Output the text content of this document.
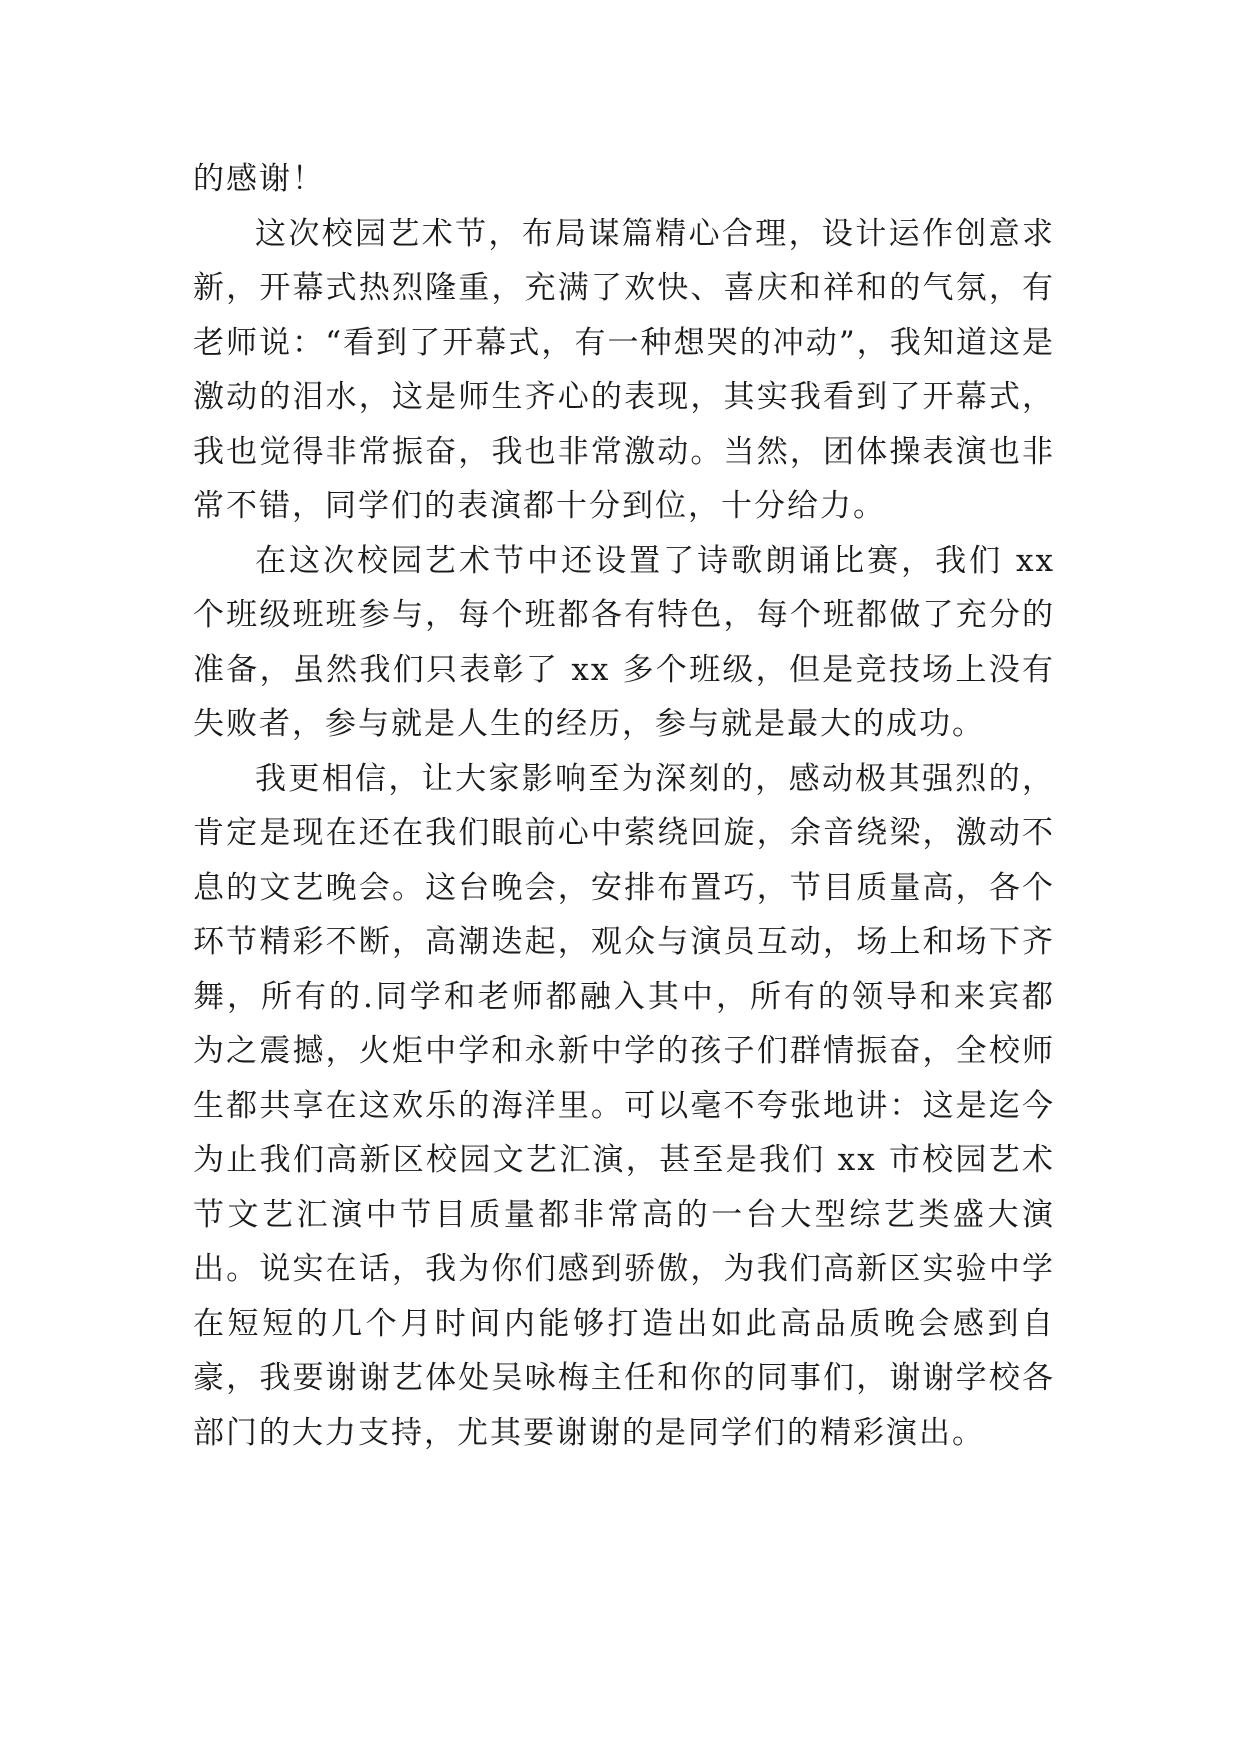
的感谢！

这次校园艺术节，布局谋篇精心合理，设计运作创意求新，开幕式热烈隆重，充满了欢快、喜庆和祥和的气氛，有老师说：“看到了开幕式，有一种想哭的冲动”，我知道这是激动的泪水，这是师生齐心的表现，其实我看到了开幕式，我也觉得非常振奋，我也非常激动。当然，团体操表演也非常不错，同学们的表演都十分到位，十分给力。

在这次校园艺术节中还设置了诗歌朗诵比赛，我们 xx 个班级班班参与，每个班都各有特色，每个班都做了充分的准备，虽然我们只表彰了 xx 多个班级，但是竞技场上没有失败者，参与就是人生的经历，参与就是最大的成功。

我更相信，让大家影响至为深刻的，感动极其强烈的，肯定是现在还在我们眼前心中萦绕回旋，余音绕梁，激动不息的文艺晚会。这台晚会，安排布置巧，节目质量高，各个环节精彩不断，高潮迭起，观众与演员互动，场上和场下齐舞，所有的.同学和老师都融入其中，所有的领导和来宾都为之震撼，火炬中学和永新中学的孩子们群情振奋，全校师生都共享在这欢乐的海洋里。可以毫不夸张地讲：这是迄今为止我们高新区校园文艺汇演，甚至是我们 xx 市校园艺术节文艺汇演中节目质量都非常高的一台大型综艺类盛大演出。说实在话，我为你们感到骄傲，为我们高新区实验中学在短短的几个月时间内能够打造出如此高品质晚会感到自豪，我要谢谢艺体处吴咏梅主任和你的同事们，谢谢学校各部门的大力支持，尤其要谢谢的是同学们的精彩演出。
